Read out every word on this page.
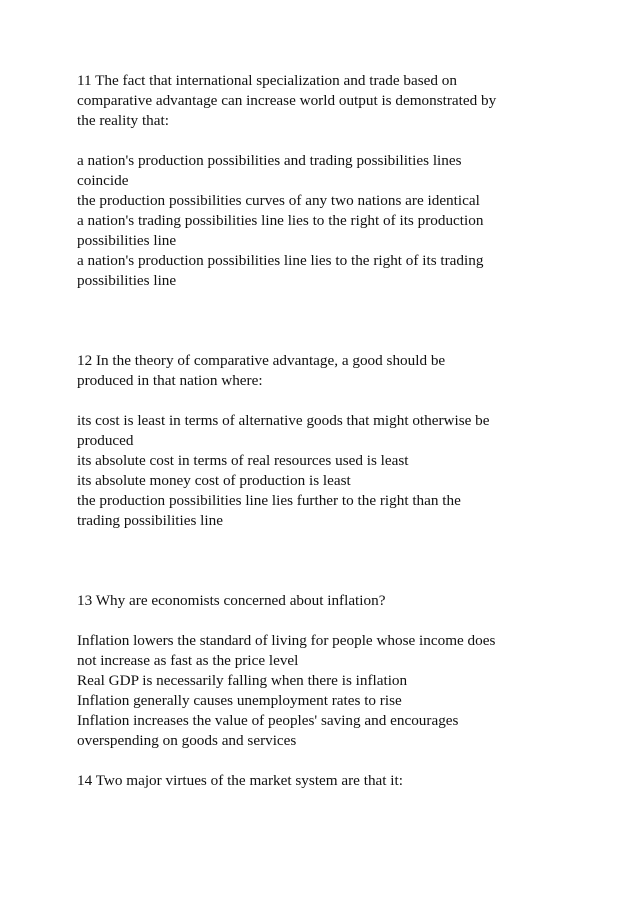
11 The fact that international specialization and trade based on
comparative advantage can increase world output is demonstrated by
the reality that:
a nation's production possibilities and trading possibilities lines
coincide
the production possibilities curves of any two nations are identical
a nation's trading possibilities line lies to the right of its production
possibilities line
a nation's production possibilities line lies to the right of its trading
possibilities line
12 In the theory of comparative advantage, a good should be
produced in that nation where:
its cost is least in terms of alternative goods that might otherwise be
produced
its absolute cost in terms of real resources used is least
its absolute money cost of production is least
the production possibilities line lies further to the right than the
trading possibilities line
13 Why are economists concerned about inflation?
Inflation lowers the standard of living for people whose income does
not increase as fast as the price level
Real GDP is necessarily falling when there is inflation
Inflation generally causes unemployment rates to rise
Inflation increases the value of peoples' saving and encourages
overspending on goods and services
14 Two major virtues of the market system are that it:
